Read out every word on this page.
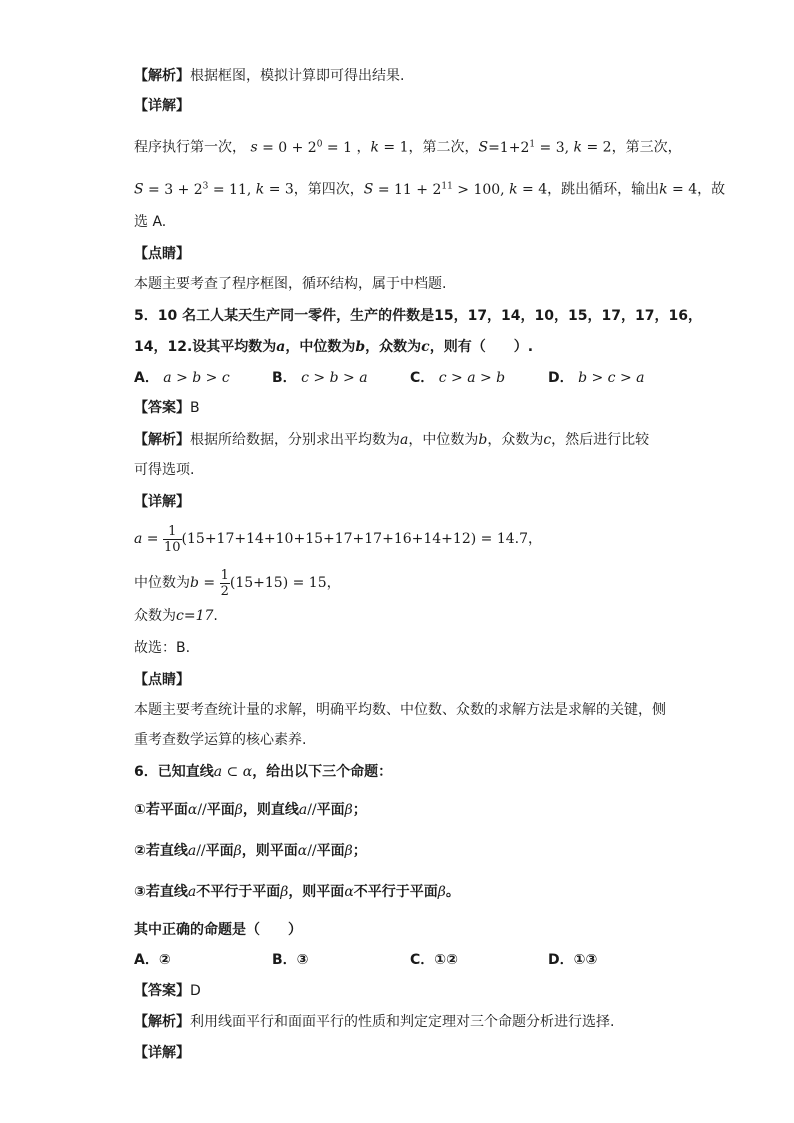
【解析】根据框图，模拟计算即可得出结果.
【详解】
程序执行第一次， $s = 0 + 2^0 = 1$ ，k = 1，第二次，$S=1+2^1 = 3$, k = 2，第三次，
$S = 3 + 2^3 = 11$, k = 3，第四次，$S = 11 + 2^{11} > 100$, k = 4，跳出循环，输出k = 4，故
选 A.
【点睛】
本题主要考查了程序框图，循环结构，属于中档题.
5．10 名工人某天生产同一零件，生产的件数是15，17，14，10，15，17，17，16，
14，12.设其平均数为a，中位数为b，众数为c，则有（　　）.
A． a > b > c	B． c > b > a	C． c > a > b	D． b > c > a
【答案】B
【解析】根据所给数据，分别求出平均数为a，中位数为b，众数为c，然后进行比较
可得选项.
【详解】
$a = \frac{1}{10} (15+17+14+10+15+17+17+16+14+12) = 14.7$，
中位数为$b = \frac{1}{2} (15+15) = 15$，
众数为c=17.
故选：B.
【点睛】
本题主要考查统计量的求解，明确平均数、中位数、众数的求解方法是求解的关键，侧
重考查数学运算的核心素养.
6．已知直线a ⊂ α，给出以下三个命题：
①若平面α//平面β，则直线a//平面β；
②若直线a//平面β，则平面α//平面β；
③若直线a不平行于平面β，则平面α不平行于平面β。
其中正确的命题是（　　）
A．②	B．③	C．①②	D．①③
【答案】D
【解析】利用线面平行和面面平行的性质和判定定理对三个命题分析进行选择.
【详解】
